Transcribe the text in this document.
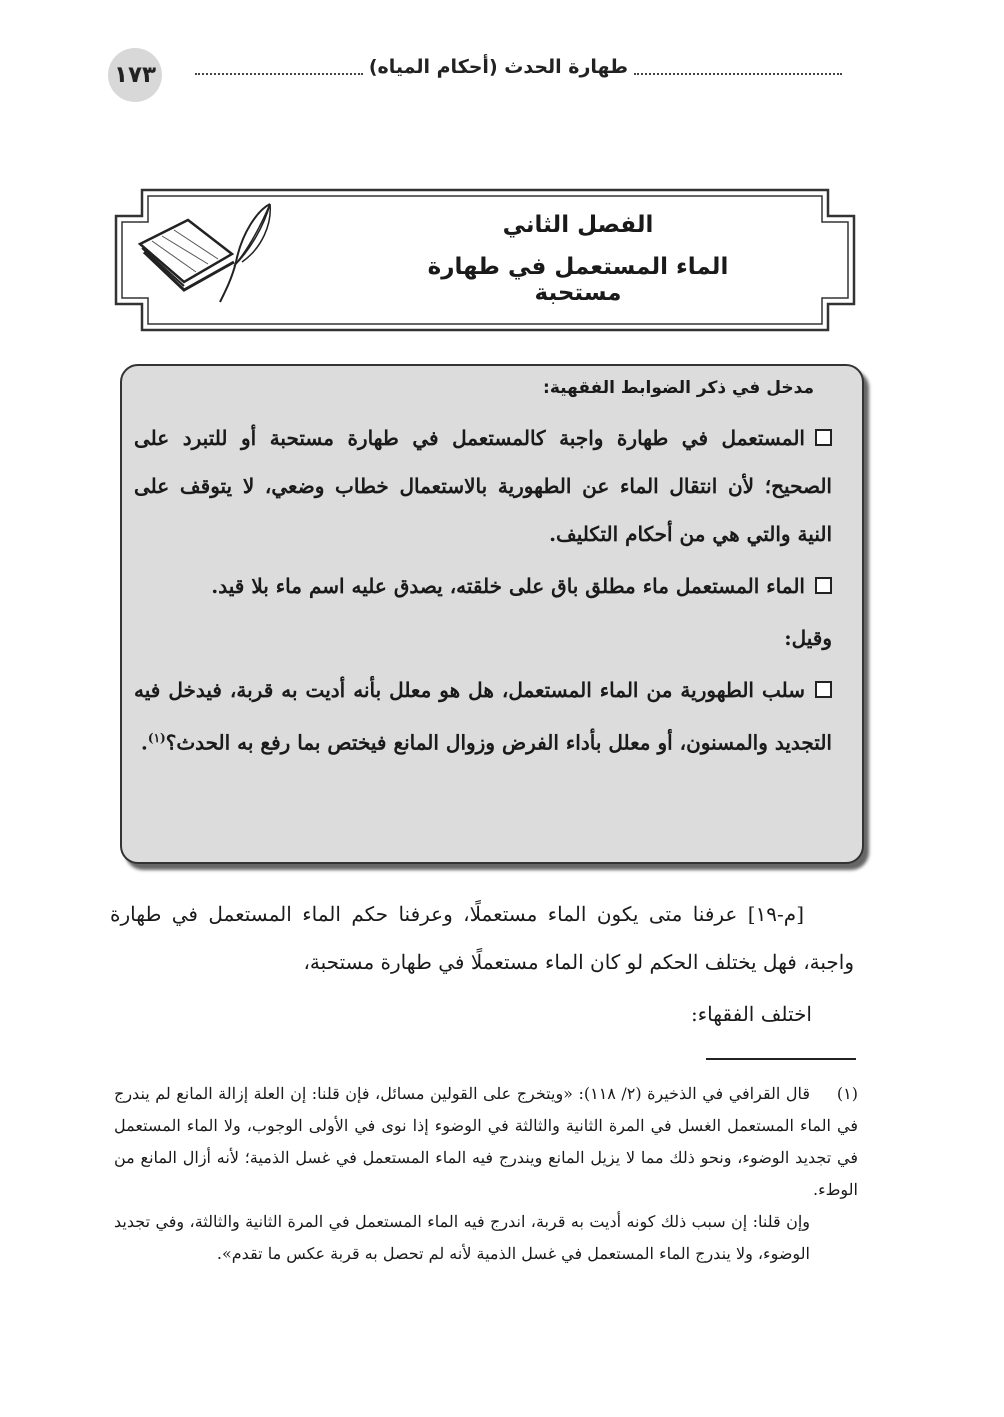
١٧٣	طهارة الحدث (أحكام المياه)
الفصل الثاني
الماء المستعمل في طهارة مستحبة
مدخل في ذكر الضوابط الفقهية:

المستعمل في طهارة واجبة كالمستعمل في طهارة مستحبة أو للتبرد على الصحيح؛ لأن انتقال الماء عن الطهورية بالاستعمال خطاب وضعي، لا يتوقف على النية والتي هي من أحكام التكليف.

الماء المستعمل ماء مطلق باق على خلقته، يصدق عليه اسم ماء بلا قيد.

وقيل:

سلب الطهورية من الماء المستعمل، هل هو معلل بأنه أديت به قربة، فيدخل فيه التجديد والمسنون، أو معلل بأداء الفرض وزوال المانع فيختص بما رفع به الحدث؟$^{(١)}$.

[م-١٩] عرفنا متى يكون الماء مستعملًا، وعرفنا حكم الماء المستعمل في طهارة واجبة، فهل يختلف الحكم لو كان الماء مستعملًا في طهارة مستحبة،
اختلف الفقهاء:
(١)قال القرافي في الذخيرة (٢/ ١١٨): «ويتخرج على القولين مسائل، فإن قلنا: إن العلة إزالة المانع لم يندرج في الماء المستعمل الغسل في المرة الثانية والثالثة في الوضوء إذا نوى في الأولى الوجوب، ولا الماء المستعمل في تجديد الوضوء، ونحو ذلك مما لا يزيل المانع ويندرج فيه الماء المستعمل في غسل الذمية؛ لأنه أزال المانع من الوطء.
وإن قلنا: إن سبب ذلك كونه أديت به قربة، اندرج فيه الماء المستعمل في المرة الثانية والثالثة، وفي تجديد الوضوء، ولا يندرج الماء المستعمل في غسل الذمية لأنه لم تحصل به قربة عكس ما تقدم».
